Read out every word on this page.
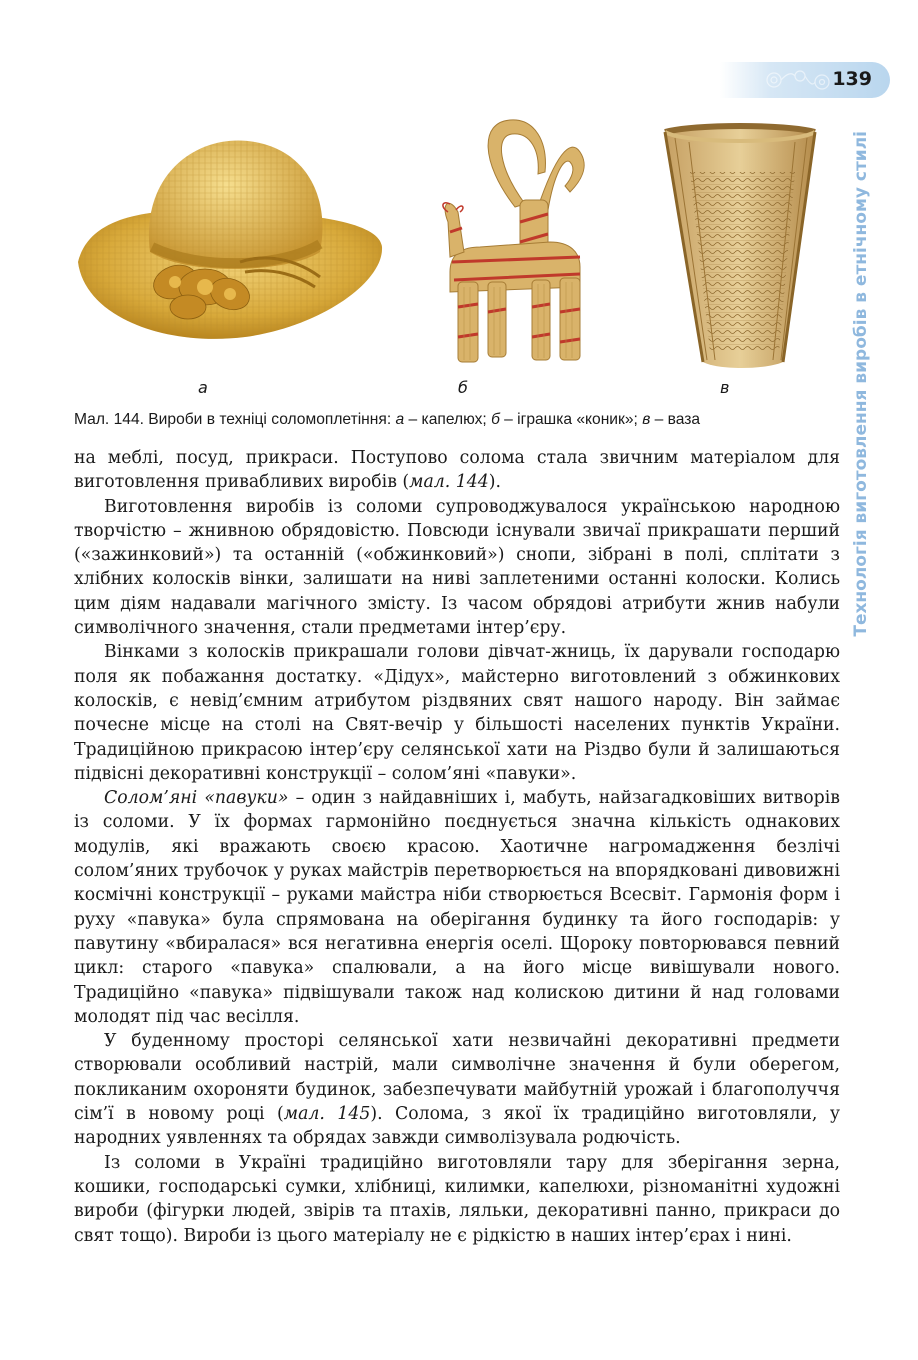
139
Технологія виготовлення виробів в етнічному стилі
а	б	в
Мал. 144. Вироби в техніці соломоплетіння: а – капелюх; б – іграшка «коник»; в – ваза

на меблі, посуд, прикраси. Поступово солома стала звичним матеріалом для виготовлення привабливих виробів (мал. 144).

Виготовлення виробів із соломи супроводжувалося українською народною творчістю – жнивною обрядовістю. Повсюди існували звичаї прикрашати перший («зажинковий») та останній («обжинковий») снопи, зібрані в полі, сплітати з хлібних колосків вінки, залишати на ниві заплетеними останні колоски. Колись цим діям надавали магічного змісту. Із часом обрядові атрибути жнив набули символічного значення, стали предметами інтер’єру.

Вінками з колосків прикрашали голови дівчат-жниць, їх дарували господарю поля як побажання достатку. «Дідух», майстерно виготовлений з обжинкових колосків, є невід’ємним атрибутом різдвяних свят нашого народу. Він займає почесне місце на столі на Свят-вечір у більшості населених пунктів України. Традиційною прикрасою інтер’єру селянської хати на Різдво були й залишаються підвісні декоративні конструкції – солом’яні «павуки».

Солом’яні «павуки» – один з найдавніших і, мабуть, найзагадковіших витворів із соломи. У їх формах гармонійно поєднується значна кількість однакових модулів, які вражають своєю красою. Хаотичне нагромадження безлічі солом’яних трубочок у руках майстрів перетворюється на впорядковані дивовижні космічні конструкції – руками майстра ніби створюється Всесвіт. Гармонія форм і руху «павука» була спрямована на оберігання будинку та його господарів: у павутину «вбиралася» вся негативна енергія оселі. Щороку повторювався певний цикл: старого «павука» спалювали, а на його місце вивішували нового. Традиційно «павука» підвішували також над колискою дитини й над головами молодят під час весілля.

У буденному просторі селянської хати незвичайні декоративні предмети створювали особливий настрій, мали символічне значення й були оберегом, покликаним охороняти будинок, забезпечувати майбутній урожай і благополуччя сім’ї в новому році (мал. 145). Солома, з якої їх традиційно виготовляли, у народних уявленнях та обрядах завжди символізувала родючість.

Із соломи в Україні традиційно виготовляли тару для зберігання зерна, кошики, господарські сумки, хлібниці, килимки, капелюхи, різноманітні художні вироби (фігурки людей, звірів та птахів, ляльки, декоративні панно, прикраси до свят тощо). Вироби із цього матеріалу не є рідкістю в наших інтер’єрах і нині.
